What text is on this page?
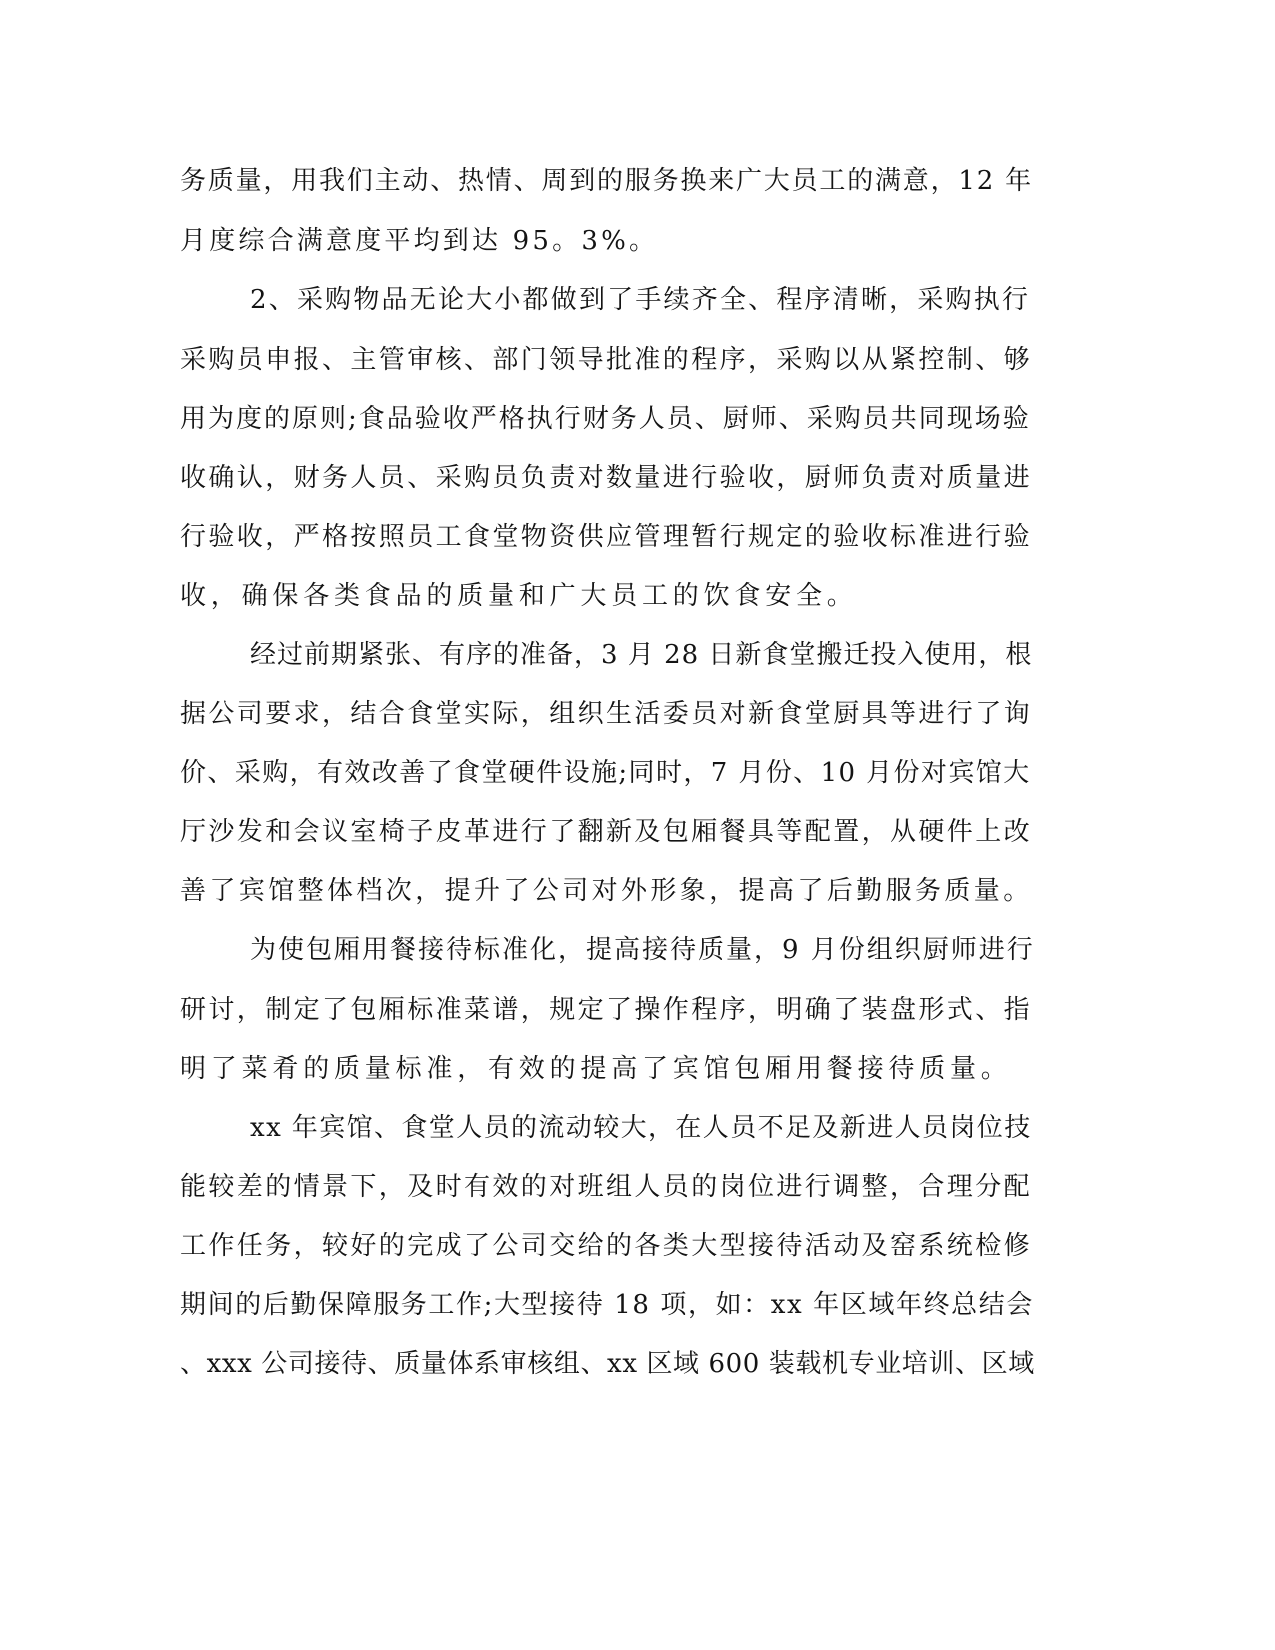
务质量，用我们主动、热情、周到的服务换来广大员工的满意，12 年
月度综合满意度平均到达 95。3%。
2、采购物品无论大小都做到了手续齐全、程序清晰，采购执行
采购员申报、主管审核、部门领导批准的程序，采购以从紧控制、够
用为度的原则;食品验收严格执行财务人员、厨师、采购员共同现场验
收确认，财务人员、采购员负责对数量进行验收，厨师负责对质量进
行验收，严格按照员工食堂物资供应管理暂行规定的验收标准进行验
收，确保各类食品的质量和广大员工的饮食安全。
经过前期紧张、有序的准备，3 月 28 日新食堂搬迁投入使用，根
据公司要求，结合食堂实际，组织生活委员对新食堂厨具等进行了询
价、采购，有效改善了食堂硬件设施;同时，7 月份、10 月份对宾馆大
厅沙发和会议室椅子皮革进行了翻新及包厢餐具等配置，从硬件上改
善了宾馆整体档次，提升了公司对外形象，提高了后勤服务质量。
为使包厢用餐接待标准化，提高接待质量，9 月份组织厨师进行
研讨，制定了包厢标准菜谱，规定了操作程序，明确了装盘形式、指
明了菜肴的质量标准，有效的提高了宾馆包厢用餐接待质量。
xx 年宾馆、食堂人员的流动较大，在人员不足及新进人员岗位技
能较差的情景下，及时有效的对班组人员的岗位进行调整，合理分配
工作任务，较好的完成了公司交给的各类大型接待活动及窑系统检修
期间的后勤保障服务工作;大型接待 18 项，如：xx 年区域年终总结会
、xxx 公司接待、质量体系审核组、xx 区域 600 装载机专业培训、区域
